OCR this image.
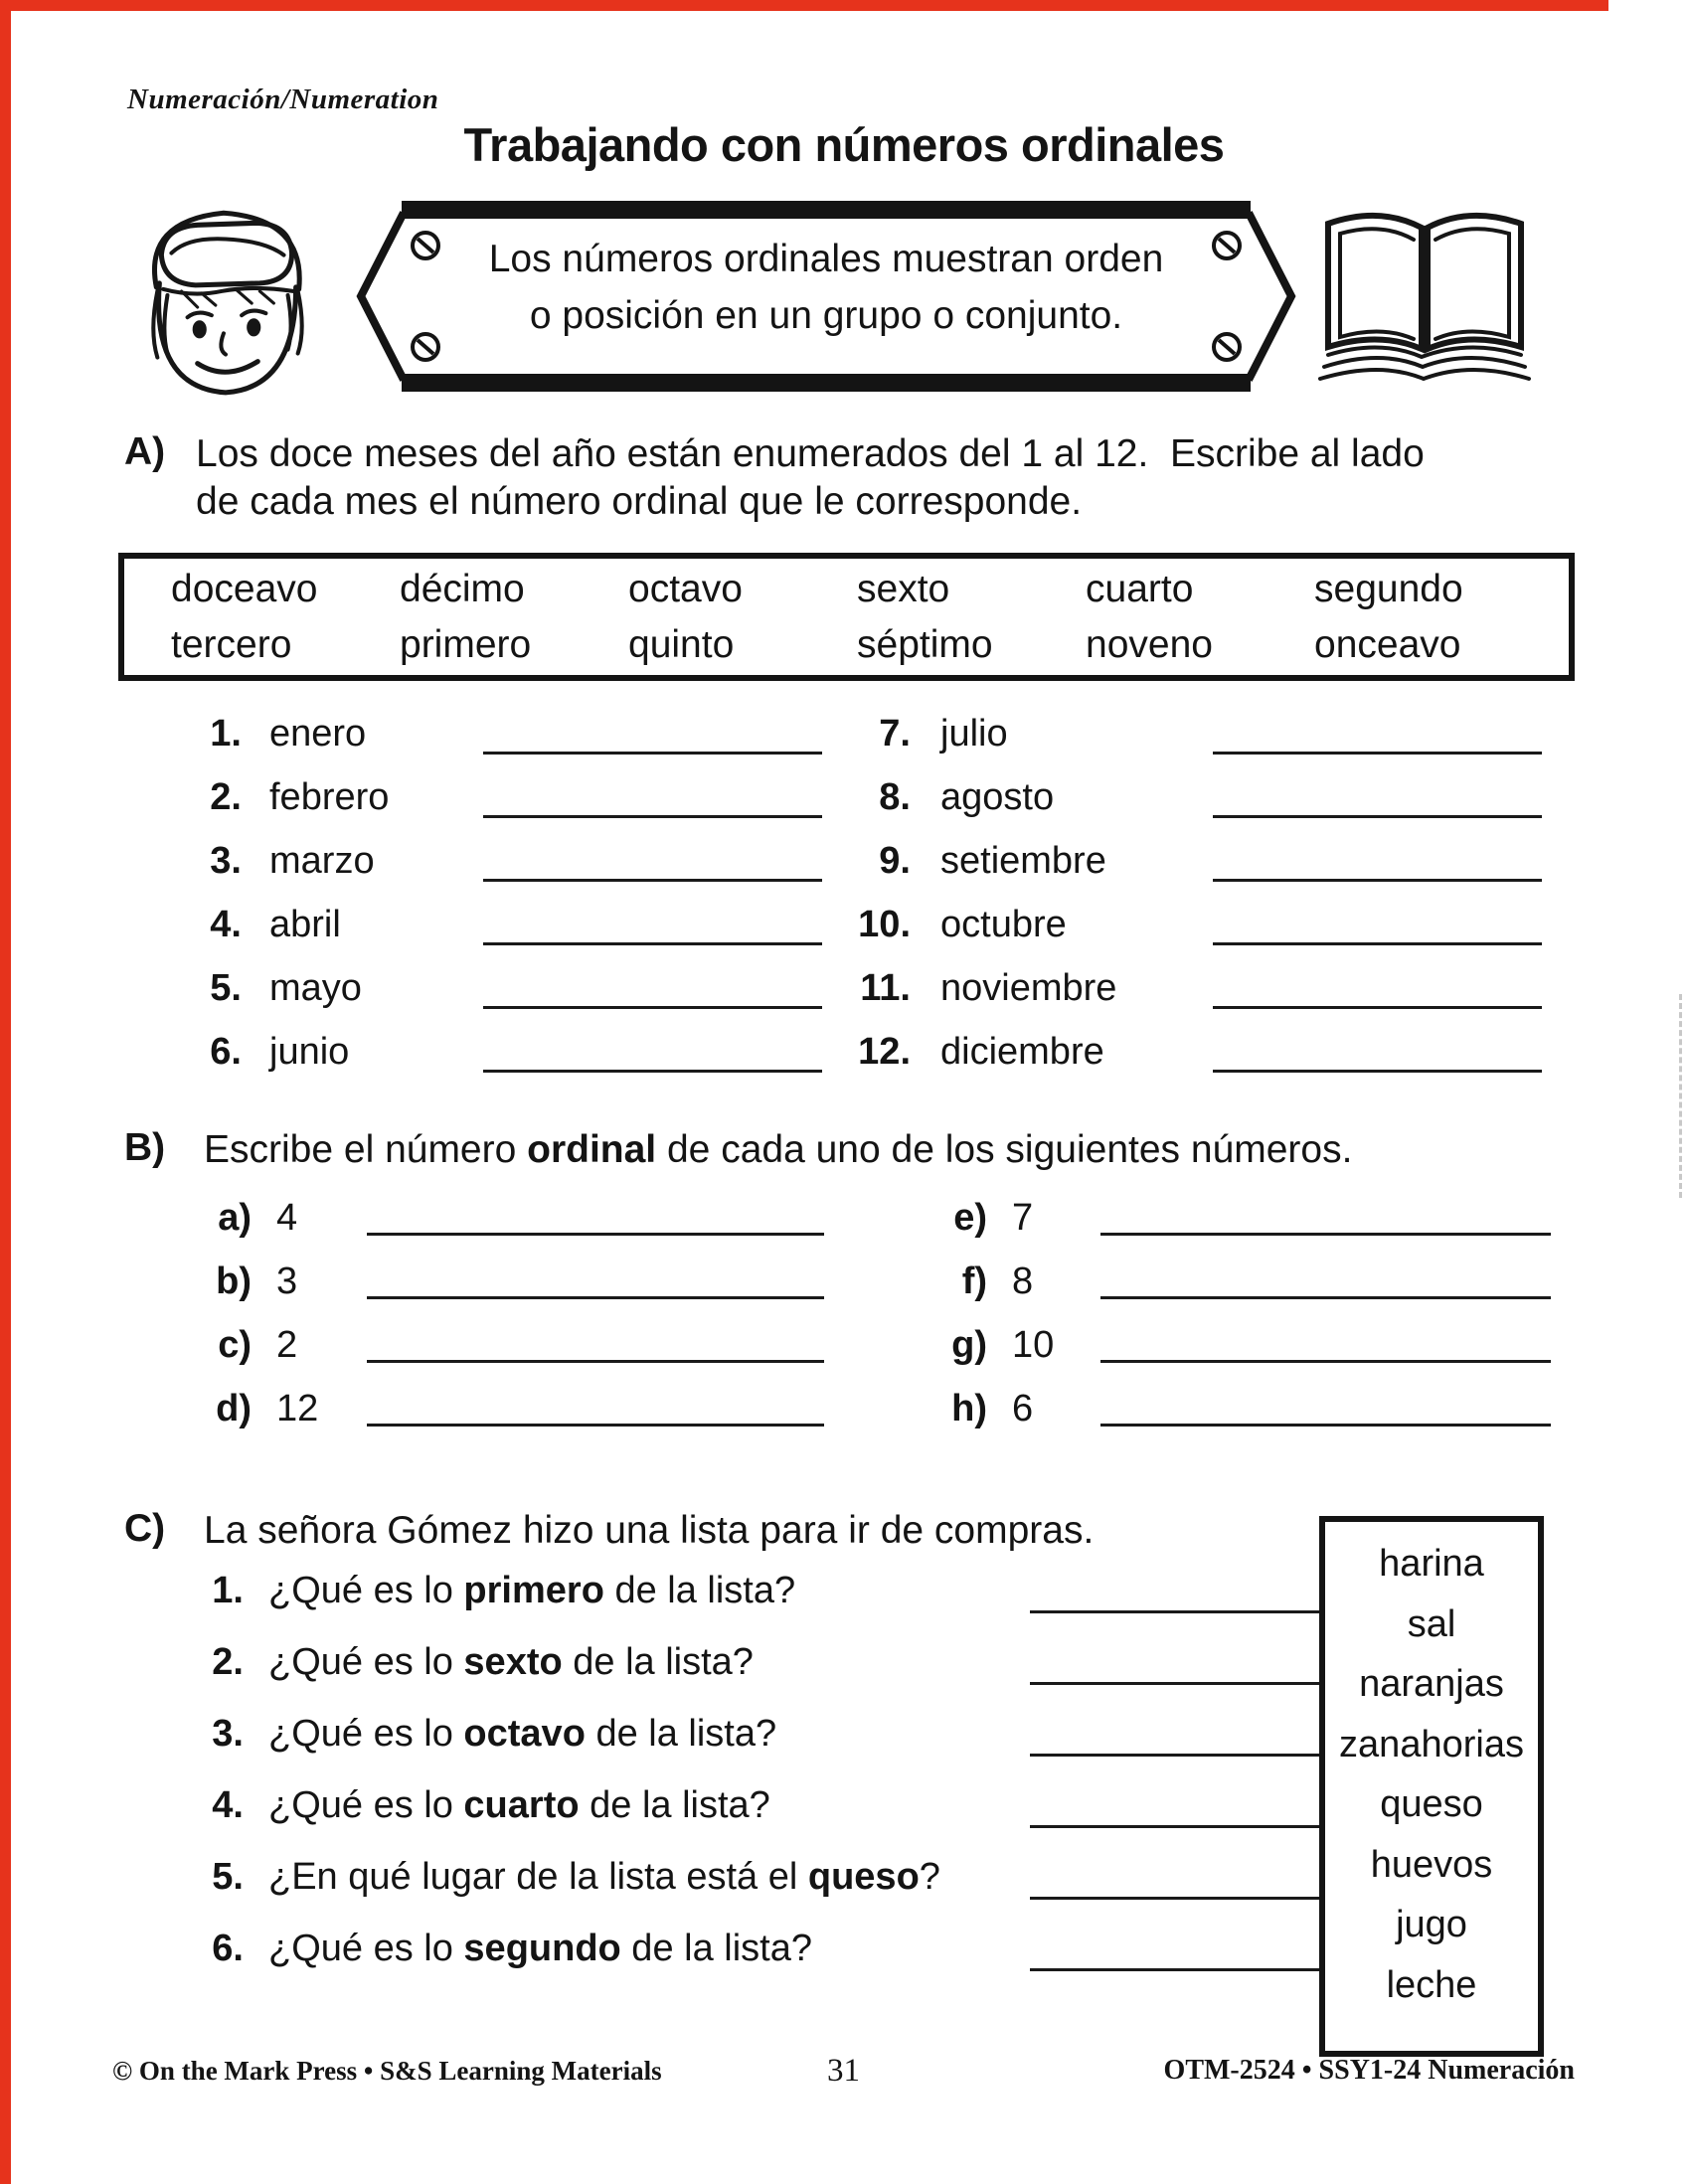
Numeración/Numeration
Trabajando con números ordinales
Los números ordinales muestran orden
o posición en un grupo o conjunto.
A) Los doce meses del año están enumerados del 1 al 12.  Escribe al lado
de cada mes el número ordinal que le corresponde.
doceavo	décimo	octavo	sexto	cuarto	segundo
tercero	primero	quinto	séptimo	noveno	onceavo
1. enero
2. febrero
3. marzo
4. abril
5. mayo
6. junio
7. julio
8. agosto
9. setiembre
10. octubre
11. noviembre
12. diciembre
B) Escribe el número ordinal de cada uno de los siguientes números.
a) 4
b) 3
c) 2
d) 12
e) 7
f) 8
g) 10
h) 6
C) La señora Gómez hizo una lista para ir de compras.
1. ¿Qué es lo primero de la lista?
2. ¿Qué es lo sexto de la lista?
3. ¿Qué es lo octavo de la lista?
4. ¿Qué es lo cuarto de la lista?
5. ¿En qué lugar de la lista está el queso?
6. ¿Qué es lo segundo de la lista?
harina
sal
naranjas
zanahorias
queso
huevos
jugo
leche
© On the Mark Press • S&S Learning Materials	31	OTM-2524 • SSY1-24 Numeración
